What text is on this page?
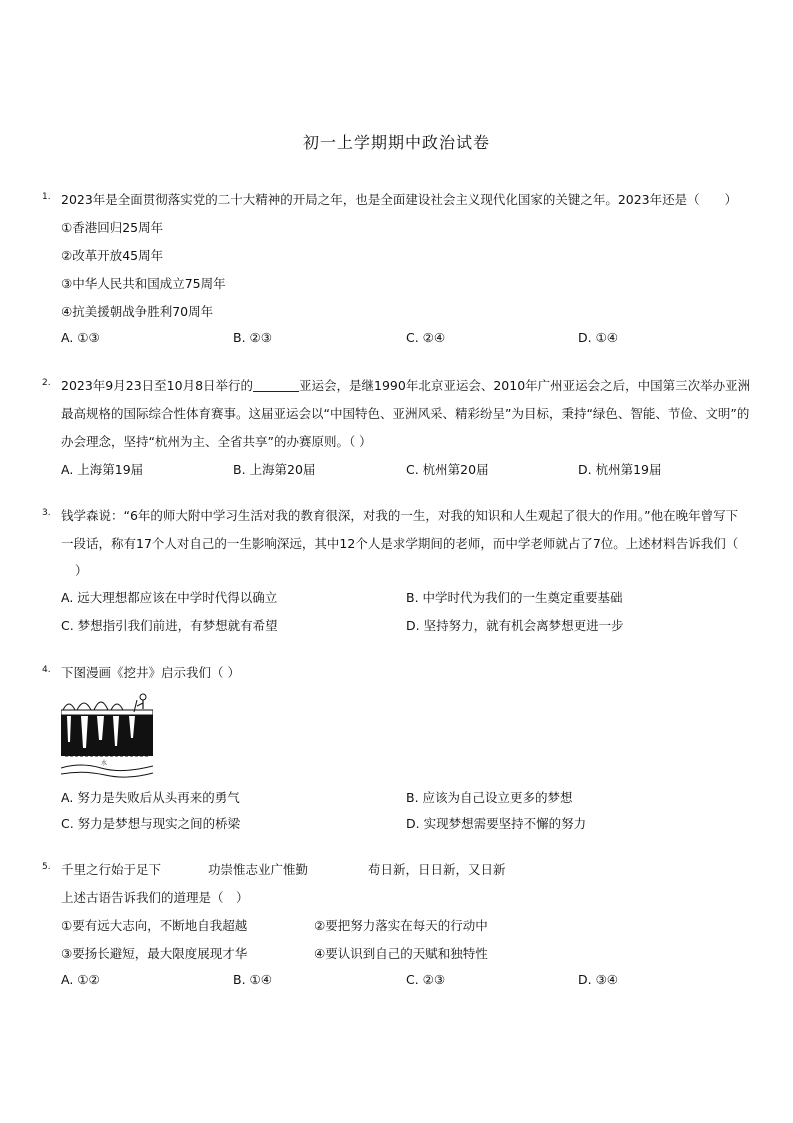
初一上学期期中政治试卷
1. 2023年是全面贯彻落实党的二十大精神的开局之年，也是全面建设社会主义现代化国家的关键之年。2023年还是（　　）
①香港回归25周年
②改革开放45周年
③中华人民共和国成立75周年
④抗美援朝战争胜利70周年
A. ①③	B. ②③	C. ②④	D. ①④
2. 2023年9月23日至10月8日举行的	亚运会，是继1990年北京亚运会、2010年广州亚运会之后，中国第三次举办亚洲
最高规格的国际综合性体育赛事。这届亚运会以“中国特色、亚洲风采、精彩纷呈”为目标，秉持“绿色、智能、节俭、文明”的
办会理念，坚持“杭州为主、全省共享”的办赛原则。（ ）
A. 上海第19届	B. 上海第20届	C. 杭州第20届	D. 杭州第19届
3. 钱学森说：“6年的师大附中学习生活对我的教育很深，对我的一生，对我的知识和人生观起了很大的作用。”他在晚年曾写下
一段话，称有17个人对自己的一生影响深远，其中12个人是求学期间的老师，而中学老师就占了7位。上述材料告诉我们（
）
A. 远大理想都应该在中学时代得以确立	B. 中学时代为我们的一生奠定重要基础
C. 梦想指引我们前进，有梦想就有希望	D. 坚持努力，就有机会离梦想更进一步
4. 下图漫画《挖井》启示我们（ ）
水
A. 努力是失败后从头再来的勇气	B. 应该为自己设立更多的梦想
C. 努力是梦想与现实之间的桥梁	D. 实现梦想需要坚持不懈的努力
5. 千里之行始于足下	功崇惟志业广惟勤	苟日新，日日新，又日新
上述古语告诉我们的道理是（　）
①要有远大志向，不断地自我超越	②要把努力落实在每天的行动中
③要扬长避短，最大限度展现才华	④要认识到自己的天赋和独特性
A. ①②	B. ①④	C. ②③	D. ③④
